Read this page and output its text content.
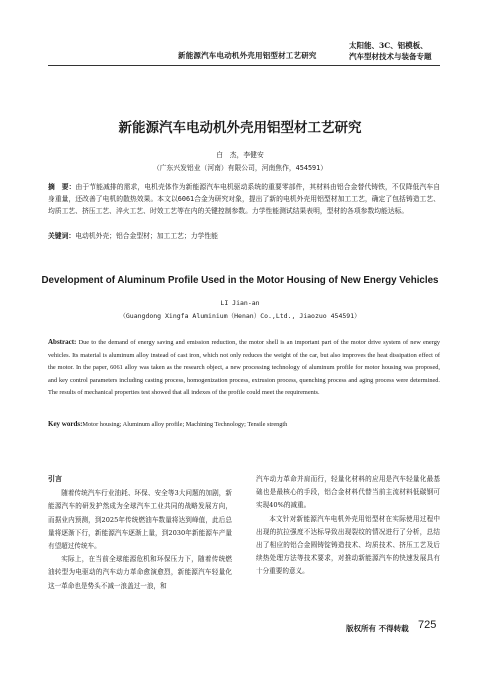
新能源汽车电动机外壳用铝型材工艺研究
太阳能、3C、铝模板、
汽车型材技术与装备专题
新能源汽车电动机外壳用铝型材工艺研究
白　杰，李健安
（广东兴发铝业（河南）有限公司，河南焦作，454591）
摘　要：由于节能减排的需求，电机壳体作为新能源汽车电机驱动系统的重要零部件，其材料由铝合金替代铸铁，不仅降低汽车自身重量，还改善了电机的散热效果。本文以6061合金为研究对象，提出了新的电机外壳用铝型材加工工艺，确定了包括铸造工艺、均质工艺、挤压工艺、淬火工艺、时效工艺等在内的关键控制参数。力学性能测试结果表明，型材的各项参数均能达标。
关键词：电动机外壳；铝合金型材；加工工艺；力学性能
Development of Aluminum Profile Used in the Motor Housing of New Energy Vehicles
LI Jian-an
（Guangdong Xingfa Aluminium（Henan）Co.,Ltd., Jiaozuo 454591）
Abstract: Due to the demand of energy saving and emission reduction, the motor shell is an important part of the motor drive system of new energy vehicles. Its material is aluminum alloy instead of cast iron, which not only reduces the weight of the car, but also improves the heat dissipation effect of the motor. In the paper, 6061 alloy was taken as the research object, a new processing technology of aluminum profile for motor housing was proposed, and key control parameters including casting process, homogenization process, extrusion process, quenching process and aging process were determined. The results of mechanical properties test showed that all indexes of the profile could meet the requirements.
Key words:Motor housing; Aluminum alloy profile; Machining Technology; Tensile strength
引言

随着传统汽车行业油耗、环保、安全等3大问题的加剧，新能源汽车的研发护然成为全球汽车工业共同的战略发展方向，而据业内预测，到2025年传统燃油车数量将达到峰值，此后总量将逐渐下行，新能源汽车逐渐上量，到2030年新能源车产量有望超过传统车。

实际上，在当前全球能源危机和环保压力下，随着传统燃油转型为电驱动的汽车动力革命愈演愈烈，新能源汽车轻量化这一革命也是势头不减一浪盖过一浪，和

汽车动力革命并肩而行，轻量化材料的应用是汽车轻量化最基础也是最核心的手段，铝合金材料代替当前主流材料低碳钢可实现40%的减重。

本文针对新能源汽车电机外壳用铝型材在实际使用过程中出现的抗拉强度不达标导致出现裂纹的情况进行了分析，总结出了相应的铝合金圆铸锭铸造技术、均质技术、挤压工艺及后续热处理方法等技术要求，对推动新能源汽车的快速发展具有十分重要的意义。

版权所有 不得转载 725
